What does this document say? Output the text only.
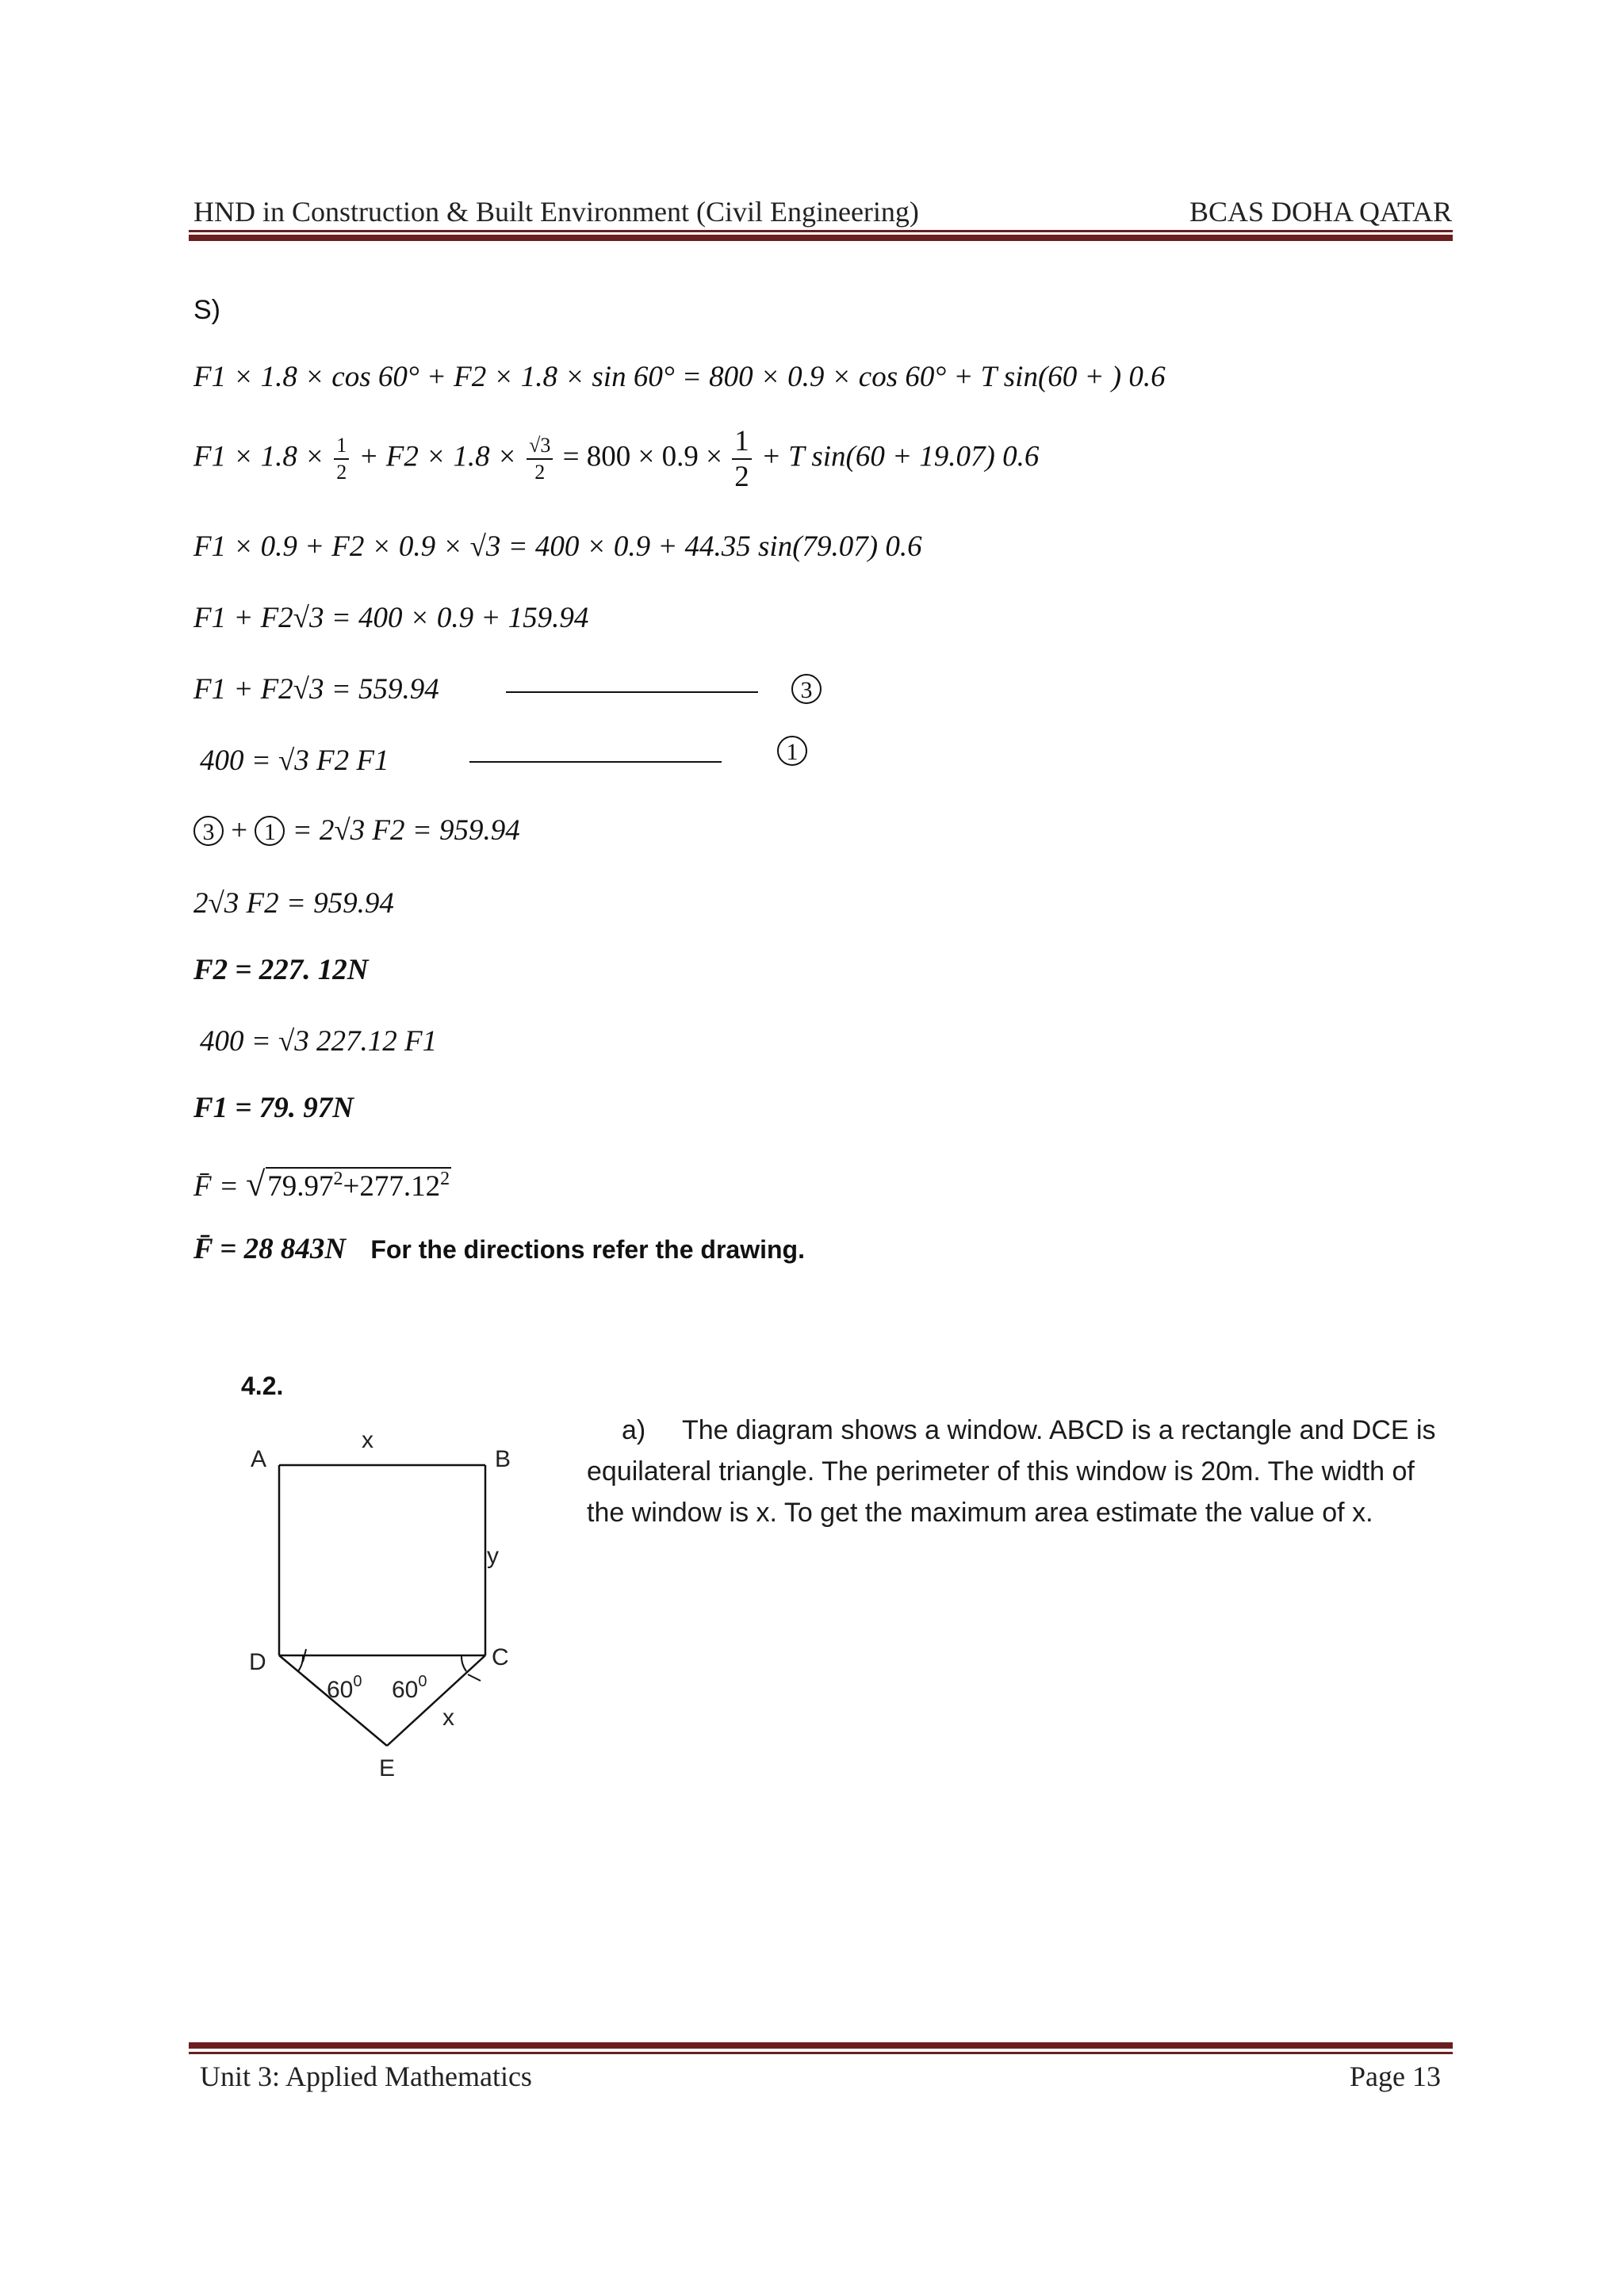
HND in Construction & Built Environment (Civil Engineering)	BCAS DOHA QATAR
S)
F1 × 1.8 × cos 60° + F2 × 1.8 × sin 60° = 800 × 0.9 × cos 60° + T sin(60 + ) 0.6
$F1 \times 1.8 \times \frac{1}{2} + F2 \times 1.8 \times \frac{√3}{2} = 800 \times 0.9 \times \frac{1}{2} + T$ sin(60 + 19.07) 0.6
F1 × 0.9 + F2 × 0.9 × √3 = 400 × 0.9 + 44.35 sin(79.07) 0.6
F1 + F2√3 = 400 × 0.9 + 159.94
F1 + F2√3 = 559.94	3
400 = √3 F2 F1	1
3 + 1 = 2√3 F2 = 959.94
2√3 F2 = 959.94
F2 = 227. 12N
400 = √3 227.12 F1
F1 = 79. 97N
F̄ = $√79.97^2+277.12^2$
F̄ = 28 843N For the directions refer the drawing.
4.2.
a)	The diagram shows a window. ABCD is a rectangle and DCE is equilateral triangle. The perimeter of this window is 20m. The width of the window is x. To get the maximum area estimate the value of x.
A	B
C
D
E
x
y
x
$60^0$ $60^0$
Unit 3: Applied Mathematics	Page 13
